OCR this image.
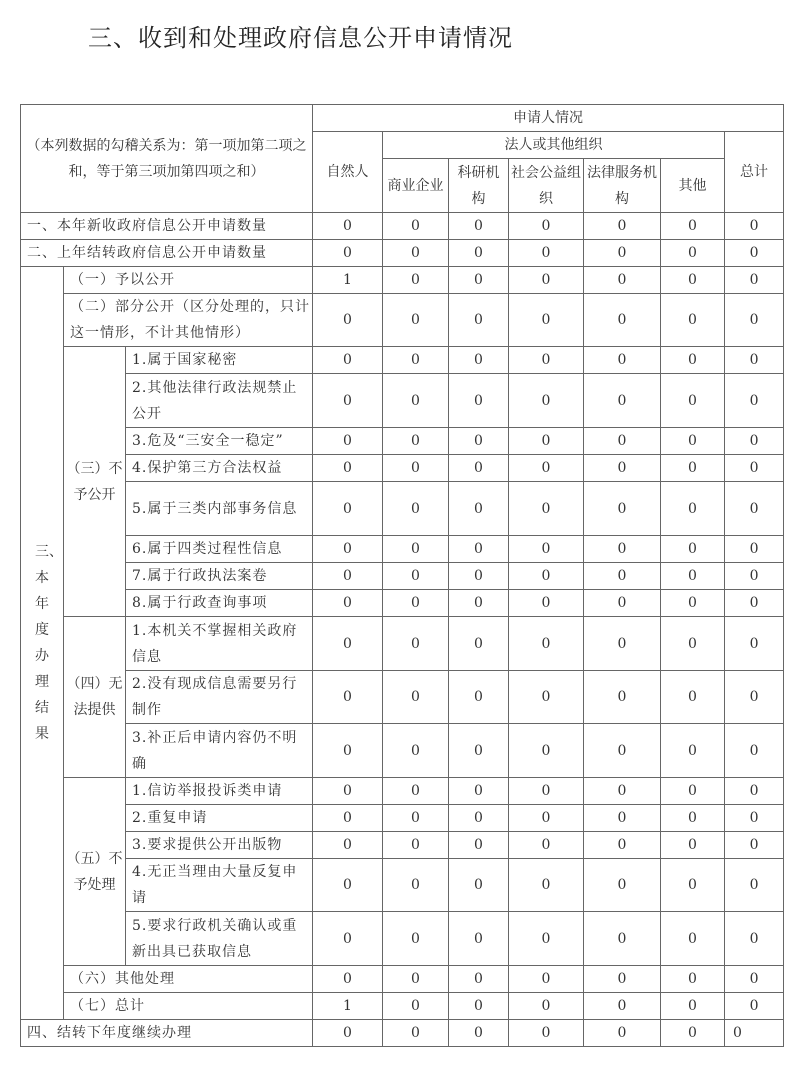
三、收到和处理政府信息公开申请情况
（本列数据的勾稽关系为：第一项加第二项之和，等于第三项加第四项之和）			申请人情况						
			自然人	法人或其他组织					总计
				商业企业	科研机构	社会公益组织	法律服务机构	其他	

一、本年新收政府信息公开申请数量			0	0	0	0	0	0	0
二、上年结转政府信息公开申请数量			0	0	0	0	0	0	0

三、本年度办理结果	（一）予以公开		1	0	0	0	0	0	0
	（二）部分公开（区分处理的，只计这一情形，不计其他情形）		0	0	0	0	0	0	0
	（三）不予公开	1.属于国家秘密	0	0	0	0	0	0	0
		2.其他法律行政法规禁止公开	0	0	0	0	0	0	0
		3.危及“三安全一稳定”	0	0	0	0	0	0	0
		4.保护第三方合法权益	0	0	0	0	0	0	0
		5.属于三类内部事务信息	0	0	0	0	0	0	0
		6.属于四类过程性信息	0	0	0	0	0	0	0
		7.属于行政执法案卷	0	0	0	0	0	0	0
		8.属于行政查询事项	0	0	0	0	0	0	0
	（四）无法提供	1.本机关不掌握相关政府信息	0	0	0	0	0	0	0
		2.没有现成信息需要另行制作	0	0	0	0	0	0	0
		3.补正后申请内容仍不明确	0	0	0	0	0	0	0
	（五）不予处理	1.信访举报投诉类申请	0	0	0	0	0	0	0
		2.重复申请	0	0	0	0	0	0	0
		3.要求提供公开出版物	0	0	0	0	0	0	0
		4.无正当理由大量反复申请	0	0	0	0	0	0	0
		5.要求行政机关确认或重新出具已获取信息	0	0	0	0	0	0	0
	（六）其他处理		0	0	0	0	0	0	0
	（七）总计		1	0	0	0	0	0	0
四、结转下年度继续办理			0	0	0	0	0	0	0
